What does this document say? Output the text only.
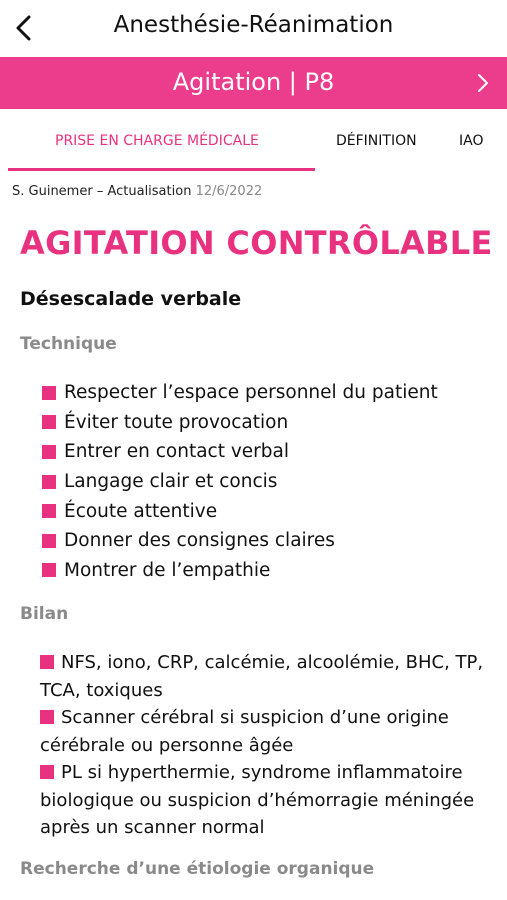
Anesthésie-Réanimation
Agitation | P8
PRISE EN CHARGE MÉDICALE	DÉFINITION	IAO
S. Guinemer – Actualisation 12/6/2022
AGITATION CONTRÔLABLE
Désescalade verbale
Technique
Respecter l’espace personnel du patient
Éviter toute provocation
Entrer en contact verbal
Langage clair et concis
Écoute attentive
Donner des consignes claires
Montrer de l’empathie
Bilan

NFS, iono, CRP, calcémie, alcoolémie, BHC, TP, TCA, toxiques

Scanner cérébral si suspicion d’une origine cérébrale ou personne âgée

PL si hyperthermie, syndrome inflammatoire biologique ou suspicion d’hémorragie méningée après un scanner normal

Recherche d’une étiologie organique
